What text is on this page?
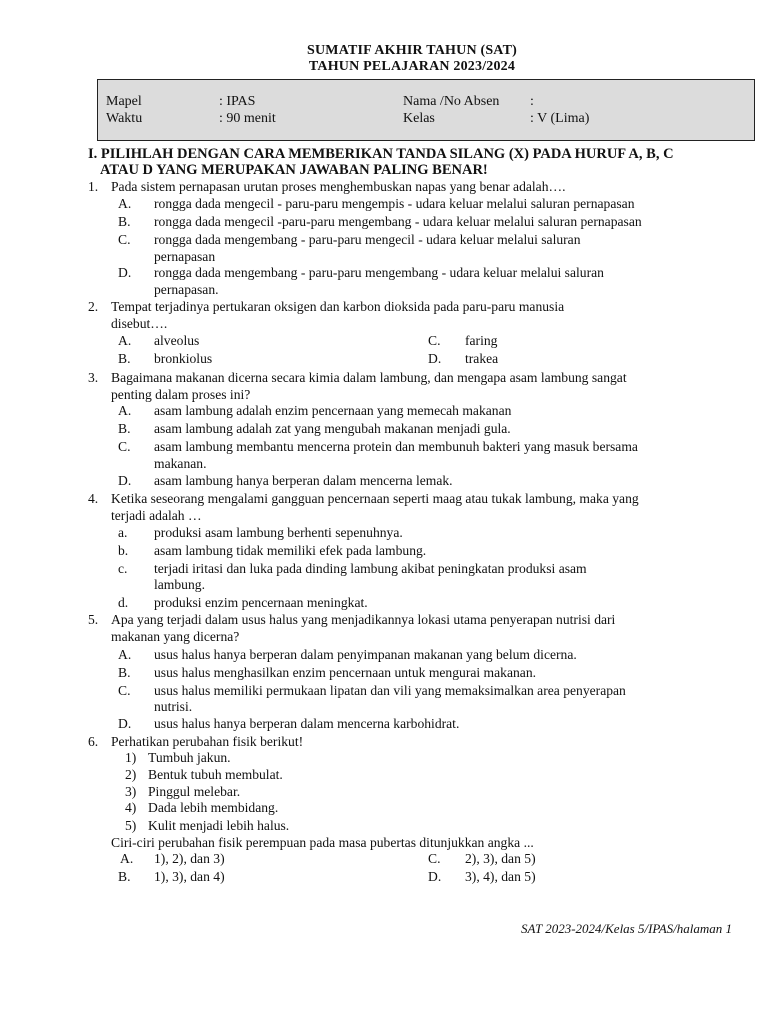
SUMATIF AKHIR TAHUN (SAT)
TAHUN PELAJARAN 2023/2024
Mapel	: IPAS	Nama /No Absen :
Waktu	: 90 menit	Kelas	: V (Lima)
I. PILIHLAH DENGAN CARA MEMBERIKAN TANDA SILANG (X) PADA HURUF A, B, C
ATAU D YANG MERUPAKAN JAWABAN PALING BENAR!
1. Pada sistem pernapasan urutan proses menghembuskan napas yang benar adalah….
A. rongga dada mengecil - paru-paru mengempis - udara keluar melalui saluran pernapasan
B. rongga dada mengecil -paru-paru mengembang - udara keluar melalui saluran pernapasan
C. rongga dada mengembang - paru-paru mengecil - udara keluar melalui saluran
pernapasan
D. rongga dada mengembang - paru-paru mengembang - udara keluar melalui saluran
pernapasan.
2. Tempat terjadinya pertukaran oksigen dan karbon dioksida pada paru-paru manusia
disebut….
A. alveolus
B. bronkiolus
C. faring
D. trakea
3. Bagaimana makanan dicerna secara kimia dalam lambung, dan mengapa asam lambung sangat
penting dalam proses ini?
A. asam lambung adalah enzim pencernaan yang memecah makanan
B. asam lambung adalah zat yang mengubah makanan menjadi gula.
C. asam lambung membantu mencerna protein dan membunuh bakteri yang masuk bersama
makanan.
D. asam lambung hanya berperan dalam mencerna lemak.
4. Ketika seseorang mengalami gangguan pencernaan seperti maag atau tukak lambung, maka yang
terjadi adalah …
a. produksi asam lambung berhenti sepenuhnya.
b. asam lambung tidak memiliki efek pada lambung.
c. terjadi iritasi dan luka pada dinding lambung akibat peningkatan produksi asam
lambung.
d. produksi enzim pencernaan meningkat.
5. Apa yang terjadi dalam usus halus yang menjadikannya lokasi utama penyerapan nutrisi dari
makanan yang dicerna?
A. usus halus hanya berperan dalam penyimpanan makanan yang belum dicerna.
B. usus halus menghasilkan enzim pencernaan untuk mengurai makanan.
C. usus halus memiliki permukaan lipatan dan vili yang memaksimalkan area penyerapan
nutrisi.
D. usus halus hanya berperan dalam mencerna karbohidrat.
6. Perhatikan perubahan fisik berikut!
1) Tumbuh jakun.
2) Bentuk tubuh membulat.
3) Pinggul melebar.
4) Dada lebih membidang.
5) Kulit menjadi lebih halus.
Ciri-ciri perubahan fisik perempuan pada masa pubertas ditunjukkan angka ...
A. 1), 2), dan 3)
B. 1), 3), dan 4)
C. 2), 3), dan 5)
D. 3), 4), dan 5)
SAT 2023-2024/Kelas 5/IPAS/halaman 1
